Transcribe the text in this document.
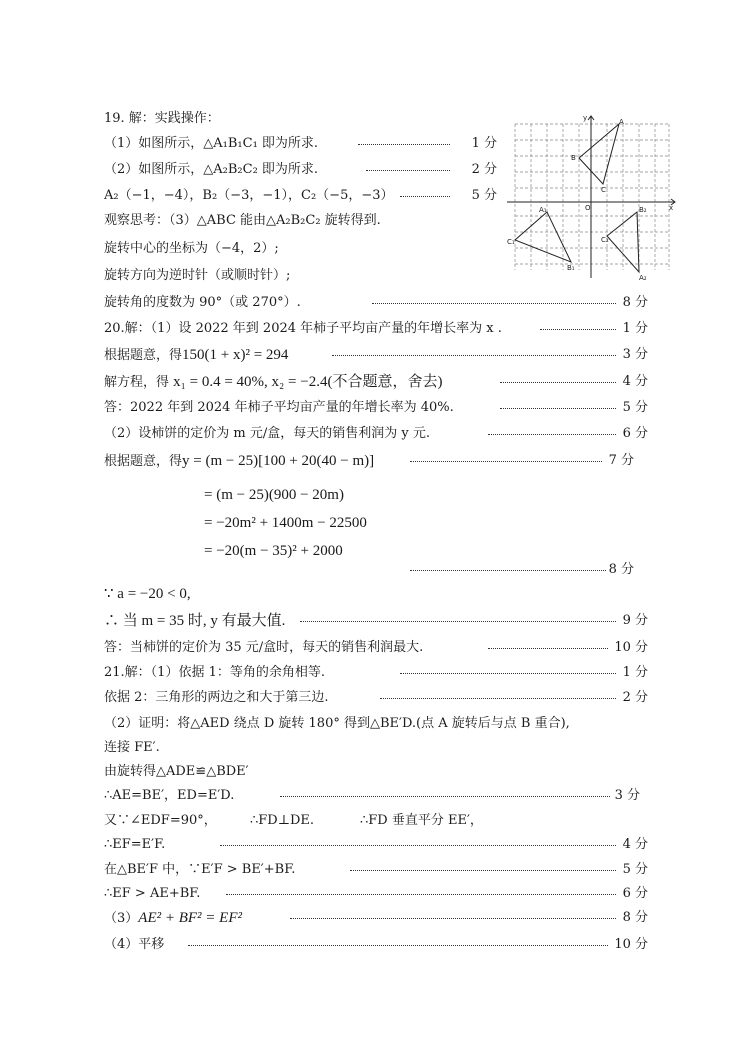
19. 解：实践操作：
（1）如图所示，△A₁B₁C₁ 即为所求.	1 分
（2）如图所示，△A₂B₂C₂ 即为所求.	2 分
A₂（−1，−4），B₂（−3，−1），C₂（−5，−3）	5 分
观察思考：（3）△ABC 能由△A₂B₂C₂ 旋转得到.
旋转中心的坐标为（−4，2）;
旋转方向为逆时针（或顺时针）;
旋转角的度数为 90°（或 270°）.	8 分
y
x
O
A
B
C
A₁
C₁
B₁
B₂
C₂
A₂
20.解：（1）设 2022 年到 2024 年柿子平均亩产量的年增长率为 x .	1 分
根据题意，得150(1 + x)² = 294	3 分
解方程，得 x₁ = 0.4 = 40%, x₂ = −2.4(不合题意，舍去)	4 分
答：2022 年到 2024 年柿子平均亩产量的年增长率为 40%.	5 分
（2）设柿饼的定价为 m 元/盒，每天的销售利润为 y 元.	6 分
根据题意，得y = (m − 25)[100 + 20(40 − m)]	7 分
= (m − 25)(900 − 20m)
= −20m² + 1400m − 22500
= −20(m − 35)² + 2000
8 分
∵ a = −20 < 0,
∴ 当 m = 35 时, y 有最大值.	9 分
答：当柿饼的定价为 35 元/盒时，每天的销售利润最大.	10 分
21.解：（1）依据 1：等角的余角相等.	1 分
依据 2：三角形的两边之和大于第三边.	2 分
（2）证明：将△AED 绕点 D 旋转 180° 得到△BE′D.(点 A 旋转后与点 B 重合),
连接 FE′.
由旋转得△ADE≌△BDE′
∴AE=BE′，ED=E′D.	3 分
又∵∠EDF=90°，	∴FD⊥DE.	∴FD 垂直平分 EE′，
∴EF=E′F.	4 分
在△BE′F 中，∵E′F > BE′+BF.	5 分
∴EF > AE+BF.	6 分
（3）AE² + BF² = EF²	8 分
（4）平移	10 分
